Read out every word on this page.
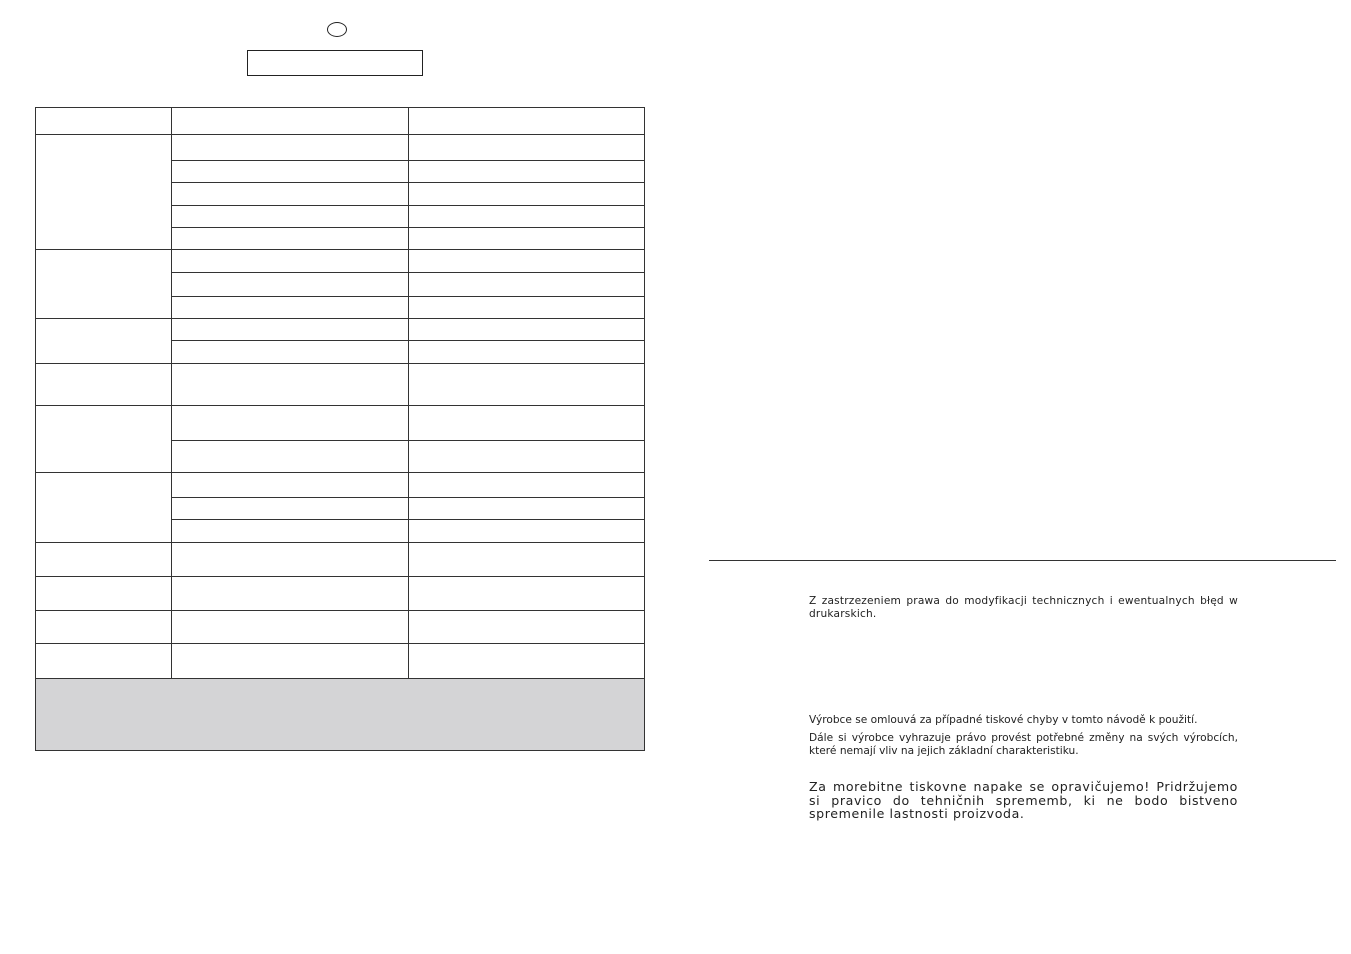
Z zastrzezeniem prawa do modyfikacji technicznych i ewentualnych błęd w drukarskich.

Výrobce se omlouvá za případné tiskové chyby v tomto návodě k použití.

Dále si výrobce vyhrazuje právo provést potřebné změny na svých výrobcích, které nemají vliv na jejich základní charakteristiku.

Za morebitne tiskovne napake se opravičujemo! Pridržujemo si pravico do tehničnih sprememb, ki ne bodo bistveno spremenile lastnosti proizvoda.
